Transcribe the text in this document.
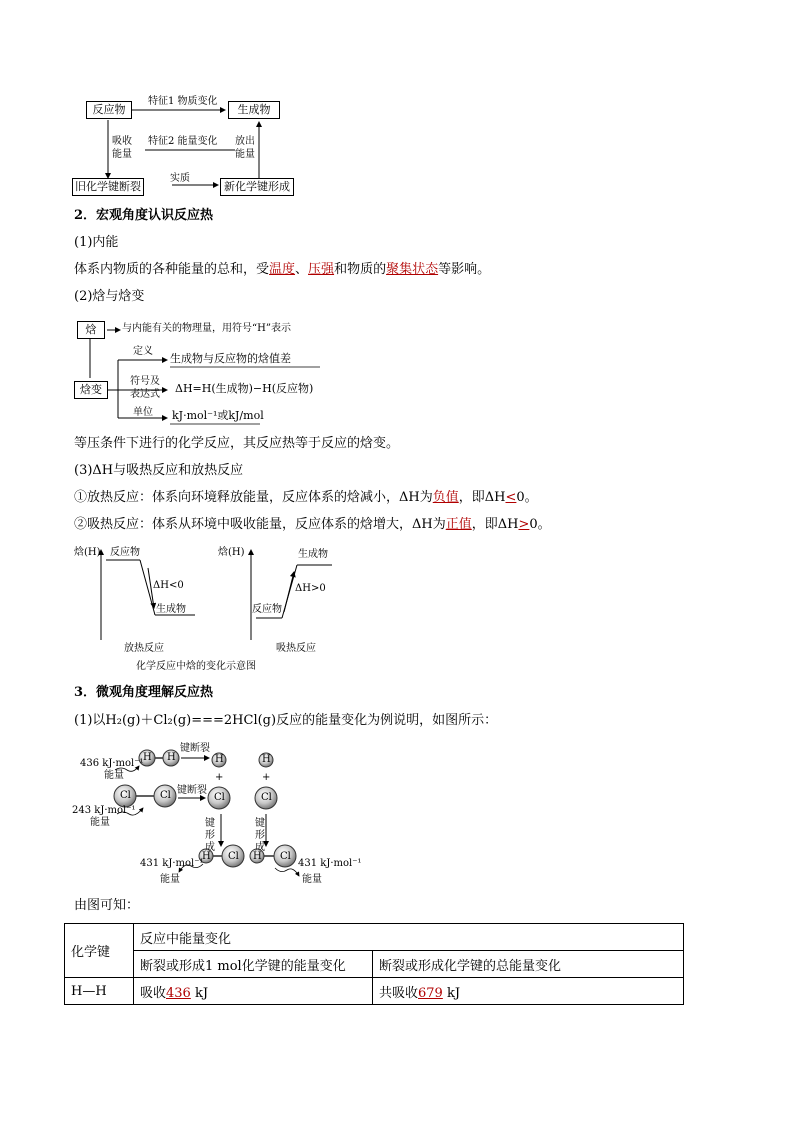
反应物	生成物
特征1 物质变化
特征2 能量变化
吸收
能量
放出
能量
实质
旧化学键断裂	新化学键形成
2．宏观角度认识反应热
(1)内能
体系内物质的各种能量的总和，受温度、压强和物质的聚集状态等影响。
(2)焓与焓变
焓	与内能有关的物理量，用符号“H”表示
焓变
定义
生成物与反应物的焓值差
符号及
表达式 ΔH=H(生成物)−H(反应物)
单位 kJ·mol⁻¹或kJ/mol
等压条件下进行的化学反应，其反应热等于反应的焓变。
(3)ΔH与吸热反应和放热反应
①放热反应：体系向环境释放能量，反应体系的焓减小，ΔH为负值，即ΔH<0。
②吸热反应：体系从环境中吸收能量，反应体系的焓增大，ΔH为正值，即ΔH>0。
焓(H) 反应物
ΔH<0
生成物
放热反应
焓(H)	生成物
ΔH>0
反应物
吸热反应
化学反应中焓的变化示意图
3．微观角度理解反应热
(1)以H₂(g)＋Cl₂(g)===2HCl(g)反应的能量变化为例说明，如图所示：
H H	H	H
+	+
Cl	Cl	Cl	Cl
H Cl H Cl
436 kJ·mol⁻¹
能量
键断裂
键断裂
243 kJ·mol⁻¹
能量	键
形
成
键
形
成
431 kJ·mol⁻¹
能量
431 kJ·mol⁻¹
能量
由图可知：
化学键	反应中能量变化	
	断裂或形成1 mol化学键的能量变化	断裂或形成化学键的总能量变化
H—H	吸收436 kJ	共吸收679 kJ
